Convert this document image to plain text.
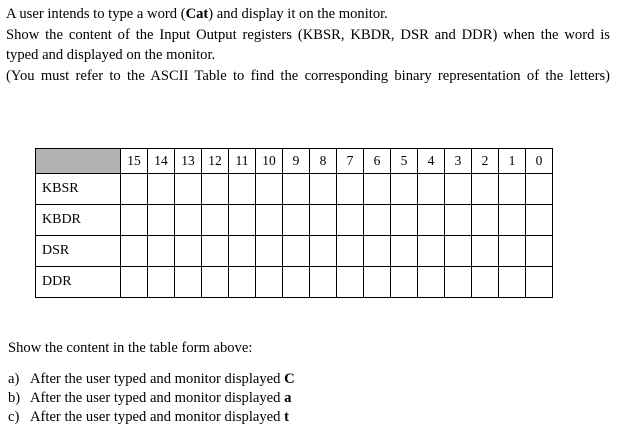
A user intends to type a word (Cat) and display it on the monitor.

Show the content of the Input Output registers (KBSR, KBDR, DSR and DDR) when the word is typed and displayed on the monitor.

(You must refer to the ASCII Table to find the corresponding binary representation of the letters)

	15	14	13	12	11	10	9	8	7	6	5	4	3	2	1	0
KBSR																
KBDR																
DSR																
DDR																

Show the content in the table form above:

a) After the user typed and monitor displayed C
b) After the user typed and monitor displayed a
c) After the user typed and monitor displayed t
